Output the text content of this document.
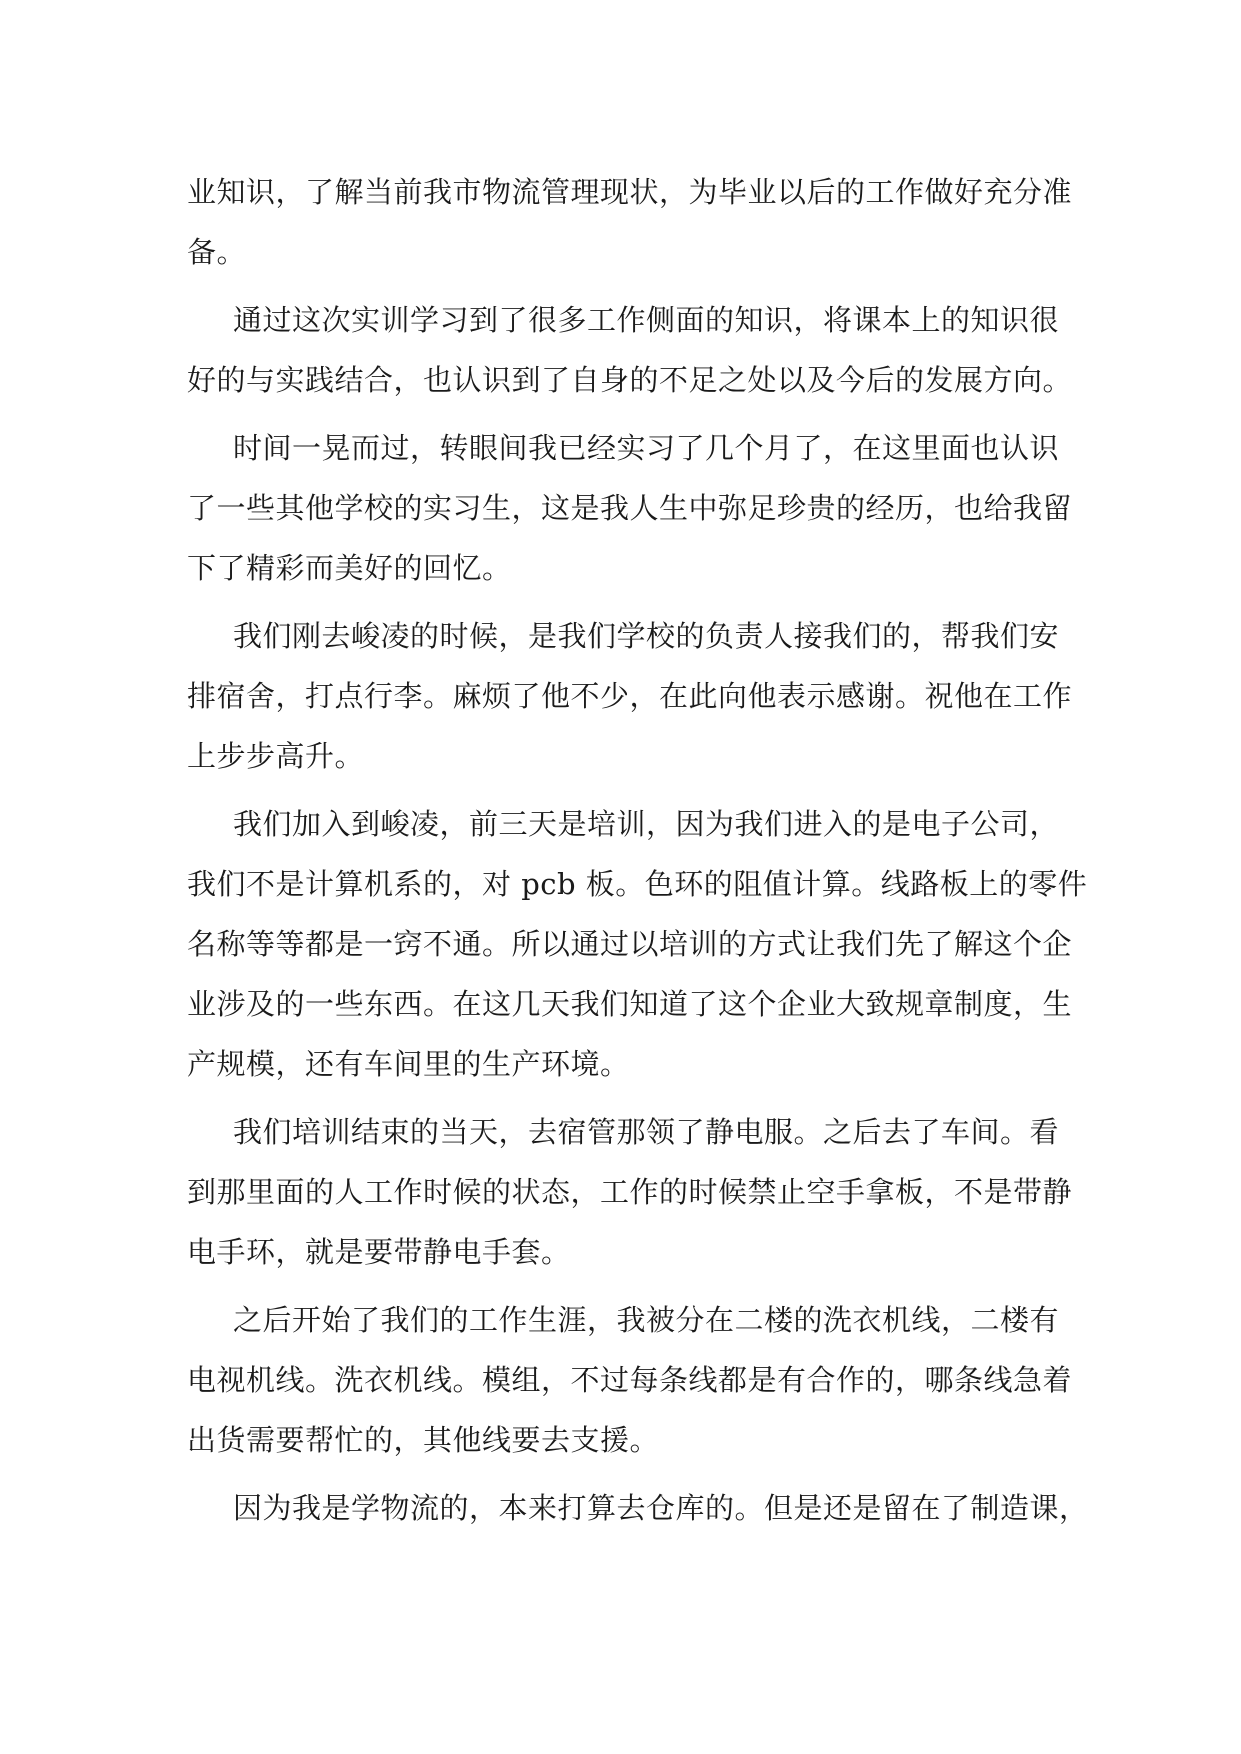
业知识，了解当前我市物流管理现状，为毕业以后的工作做好充分准
备。
通过这次实训学习到了很多工作侧面的知识，将课本上的知识很
好的与实践结合，也认识到了自身的不足之处以及今后的发展方向。
时间一晃而过，转眼间我已经实习了几个月了，在这里面也认识
了一些其他学校的实习生，这是我人生中弥足珍贵的经历，也给我留
下了精彩而美好的回忆。
我们刚去峻凌的时候，是我们学校的负责人接我们的，帮我们安
排宿舍，打点行李。麻烦了他不少，在此向他表示感谢。祝他在工作
上步步高升。
我们加入到峻凌，前三天是培训，因为我们进入的是电子公司，
我们不是计算机系的，对 pcb 板。色环的阻值计算。线路板上的零件
名称等等都是一窍不通。所以通过以培训的方式让我们先了解这个企
业涉及的一些东西。在这几天我们知道了这个企业大致规章制度，生
产规模，还有车间里的生产环境。
我们培训结束的当天，去宿管那领了静电服。之后去了车间。看
到那里面的人工作时候的状态，工作的时候禁止空手拿板，不是带静
电手环，就是要带静电手套。
之后开始了我们的工作生涯，我被分在二楼的洗衣机线，二楼有
电视机线。洗衣机线。模组，不过每条线都是有合作的，哪条线急着
出货需要帮忙的，其他线要去支援。
因为我是学物流的，本来打算去仓库的。但是还是留在了制造课，
